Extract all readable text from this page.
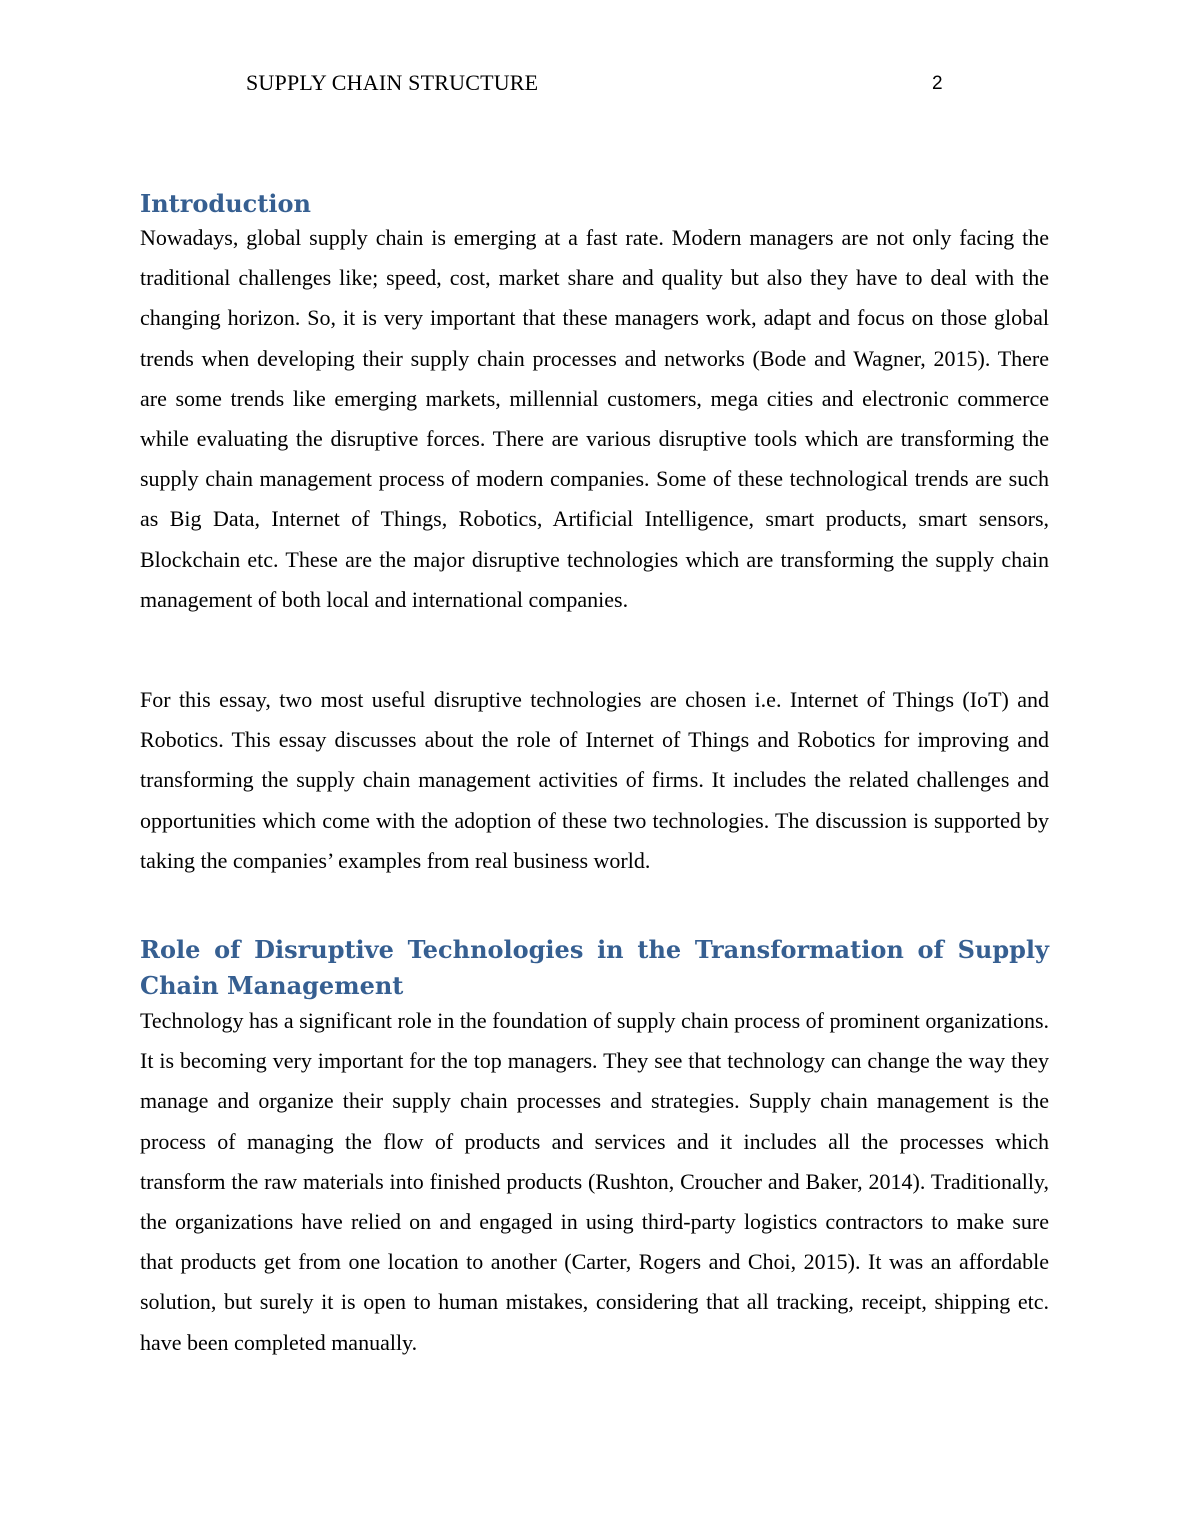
SUPPLY CHAIN STRUCTURE	2
Introduction

Nowadays, global supply chain is emerging at a fast rate. Modern managers are not only facing the traditional challenges like; speed, cost, market share and quality but also they have to deal with the changing horizon. So, it is very important that these managers work, adapt and focus on those global trends when developing their supply chain processes and networks (Bode and Wagner, 2015). There are some trends like emerging markets, millennial customers, mega cities and electronic commerce while evaluating the disruptive forces. There are various disruptive tools which are transforming the supply chain management process of modern companies. Some of these technological trends are such as Big Data, Internet of Things, Robotics, Artificial Intelligence, smart products, smart sensors, Blockchain etc. These are the major disruptive technologies which are transforming the supply chain management of both local and international companies.

For this essay, two most useful disruptive technologies are chosen i.e. Internet of Things (IoT) and Robotics. This essay discusses about the role of Internet of Things and Robotics for improving and transforming the supply chain management activities of firms. It includes the related challenges and opportunities which come with the adoption of these two technologies. The discussion is supported by taking the companies’ examples from real business world.

Role of Disruptive Technologies in the Transformation of Supply Chain Management

Technology has a significant role in the foundation of supply chain process of prominent organizations. It is becoming very important for the top managers. They see that technology can change the way they manage and organize their supply chain processes and strategies. Supply chain management is the process of managing the flow of products and services and it includes all the processes which transform the raw materials into finished products (Rushton, Croucher and Baker, 2014). Traditionally, the organizations have relied on and engaged in using third-party logistics contractors to make sure that products get from one location to another (Carter, Rogers and Choi, 2015). It was an affordable solution, but surely it is open to human mistakes, considering that all tracking, receipt, shipping etc. have been completed manually.
